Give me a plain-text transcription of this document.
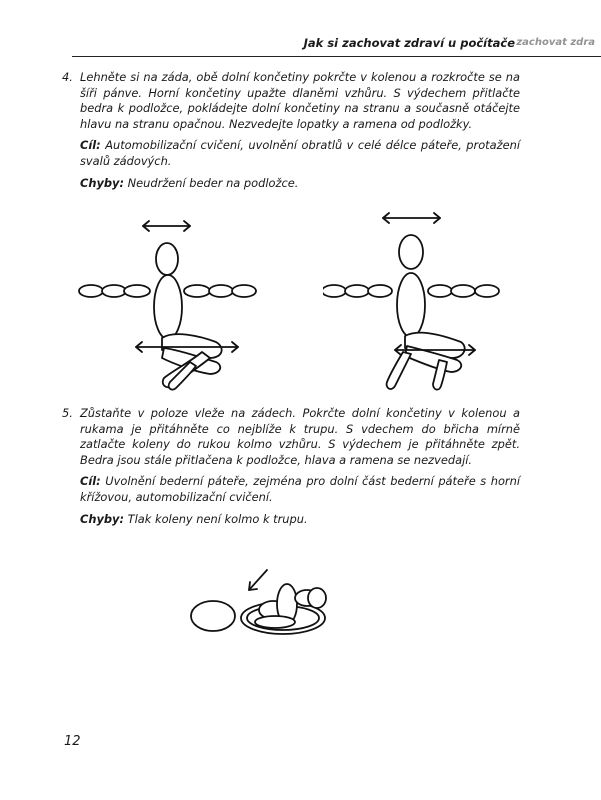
Jak si zachovat zdraví u počítače zachovat zdra
4. Lehněte si na záda, obě dolní končetiny pokrčte v kolenou a rozkročte se na šíři pánve. Horní končetiny upažte dlaněmi vzhůru. S výdechem přitlačte bedra k podložce, pokládejte dolní končetiny na stranu a současně otáčejte hlavu na stranu opačnou. Nezvedejte lopatky a ramena od podložky.

Cíl: Automobilizační cvičení, uvolnění obratlů v celé délce páteře, protažení svalů zádových.

Chyby: Neudržení beder na podložce.

5. Zůstaňte v poloze vleže na zádech. Pokrčte dolní končetiny v kolenou a rukama je přitáhněte co nejblíže k trupu. S vdechem do břicha mírně zatlačte koleny do rukou kolmo vzhůru. S výdechem je přitáhněte zpět. Bedra jsou stále přitlačena k podložce, hlava a ramena se nezvedají.

Cíl: Uvolnění bederní páteře, zejména pro dolní část bederní páteře s horní křížovou, automobilizační cvičení.

Chyby: Tlak koleny není kolmo k trupu.

12
